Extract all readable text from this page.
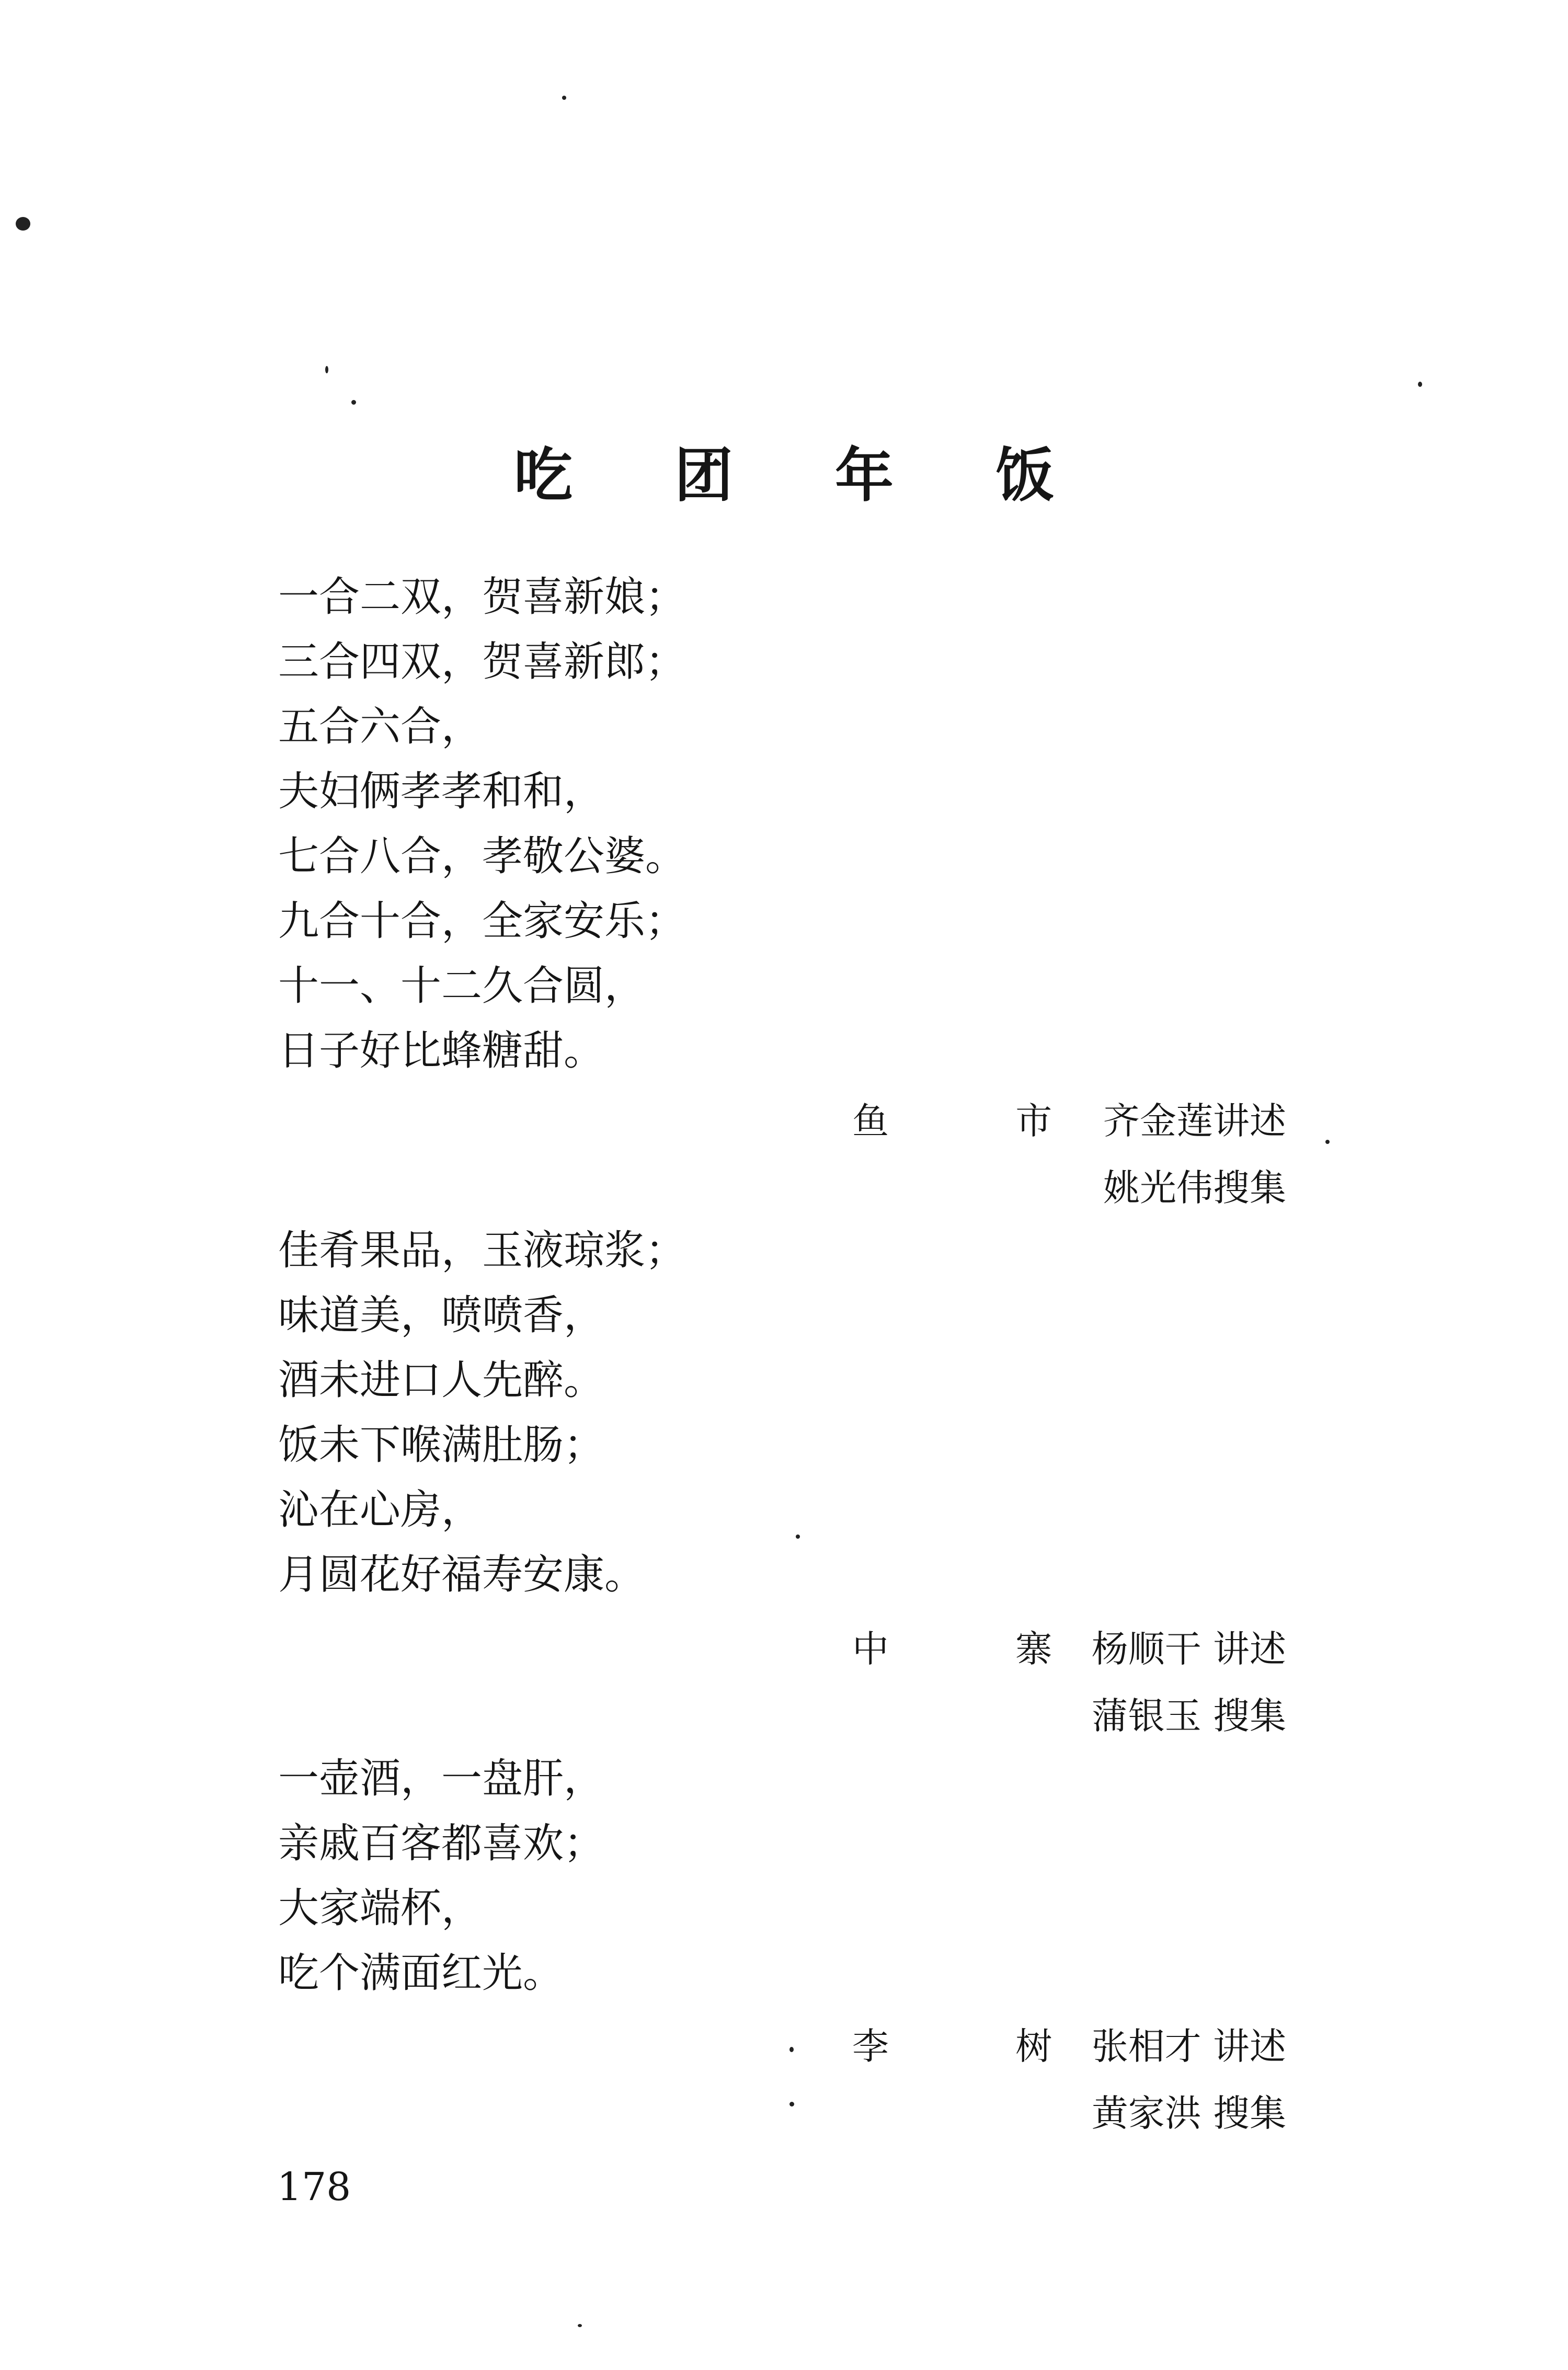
吃 团 年 饭
一合二双，贺喜新娘；
三合四双，贺喜新郎；
五合六合，
夫妇俩孝孝和和，
七合八合，孝敬公婆。
九合十合，全家安乐；
十一、十二久合圆，
日子好比蜂糖甜。
鱼 市
齐金莲讲述
姚光伟搜集
佳肴果品，玉液琼浆；
味道美，喷喷香，
酒未进口人先醉。
饭未下喉满肚肠；
沁在心房，
月圆花好福寿安康。
中 寨
杨顺干 讲述
蒲银玉 搜集
一壶酒，一盘肝，
亲戚百客都喜欢；
大家端杯，
吃个满面红光。
李 树
张相才 讲述
黄家洪 搜集
178
